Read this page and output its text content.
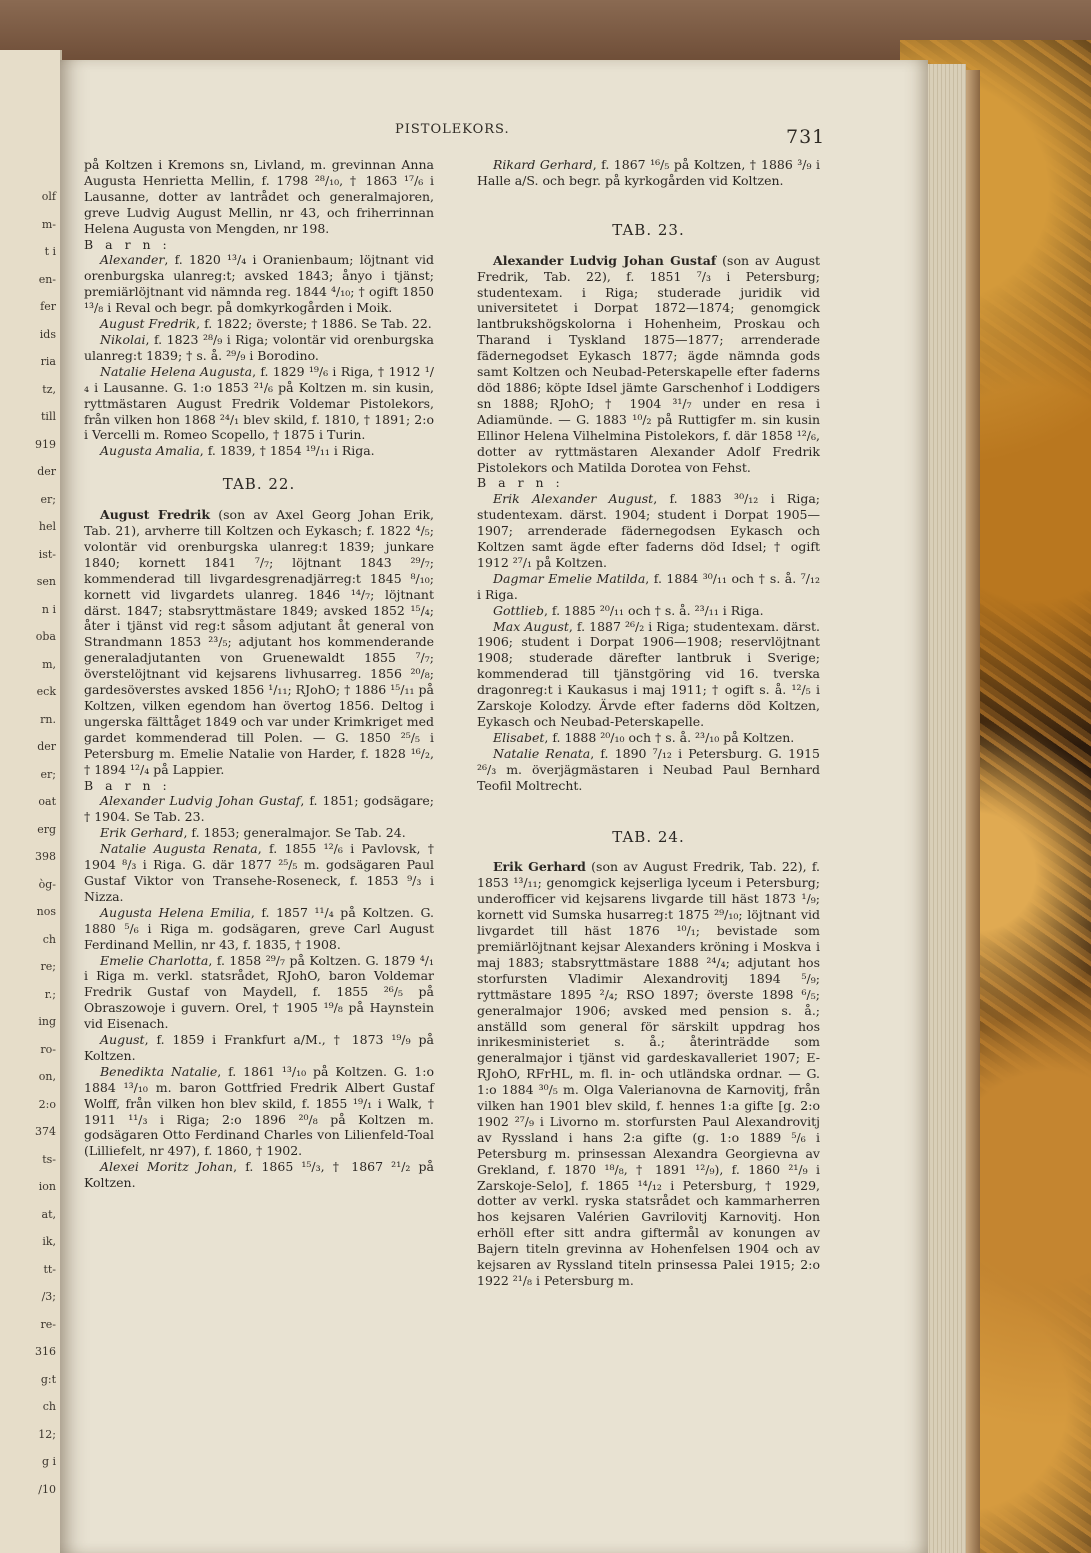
olf
m-
t i
en-
fer
ids
ria
tz,
till
919
der
er;
hel
ist-
sen
n i
oba
m,
eck
rn.
der
er;
oat
erg
398
òg-
nos
ch
re;
r.;
ing
ro-
on,
2:o
374
ts-
ion
at,
ik,
tt-
/3;
re-
316
g:t
ch
12;
g i
/10
PISTOLEKORS.	731

på Koltzen i Kremons sn, Livland, m. grevinnan Anna Augusta Henrietta Mellin, f. 1798 ²⁸/₁₀, † 1863 ¹⁷/₆ i Lausanne, dotter av lantrådet och generalmajoren, greve Ludvig August Mellin, nr 43, och friherrinnan Helena Augusta von Mengden, nr 198.

B a r n :

Alexander, f. 1820 ¹³/₄ i Oranienbaum; löjtnant vid orenburgska ulanreg:t; avsked 1843; ånyo i tjänst; premiärlöjtnant vid nämnda reg. 1844 ⁴/₁₀; † ogift 1850 ¹³/₈ i Reval och begr. på domkyrkogården i Moik.

August Fredrik, f. 1822; överste; † 1886. Se Tab. 22.

Nikolai, f. 1823 ²⁸/₉ i Riga; volontär vid orenburgska ulanreg:t 1839; † s. å. ²⁹/₉ i Borodino.

Natalie Helena Augusta, f. 1829 ¹⁹/₆ i Riga, † 1912 ¹/₄ i Lausanne. G. 1:o 1853 ²¹/₆ på Koltzen m. sin kusin, ryttmästaren August Fredrik Voldemar Pistolekors, från vilken hon 1868 ²⁴/₁ blev skild, f. 1810, † 1891; 2:o i Vercelli m. Romeo Scopello, † 1875 i Turin.

Augusta Amalia, f. 1839, † 1854 ¹⁹/₁₁ i Riga.

TAB. 22.

August Fredrik (son av Axel Georg Johan Erik, Tab. 21), arvherre till Koltzen och Eykasch; f. 1822 ⁴/₅; volontär vid orenburgska ulanreg:t 1839; junkare 1840; kornett 1841 ⁷/₇; löjtnant 1843 ²⁹/₇; kommenderad till livgardesgrenadjärreg:t 1845 ⁸/₁₀; kornett vid livgardets ulanreg. 1846 ¹⁴/₇; löjtnant därst. 1847; stabsryttmästare 1849; avsked 1852 ¹⁵/₄; åter i tjänst vid reg:t såsom adjutant åt general von Strandmann 1853 ²³/₅; adjutant hos kommenderande generaladjutanten von Gruenewaldt 1855 ⁷/₇; överstelöjtnant vid kejsarens livhusarreg. 1856 ²⁰/₈; gardesöverstes avsked 1856 ¹/₁₁; RJohO; † 1886 ¹⁵/₁₁ på Koltzen, vilken egendom han övertog 1856. Deltog i ungerska fälttåget 1849 och var under Krimkriget med gardet kommenderad till Polen. — G. 1850 ²⁵/₅ i Petersburg m. Emelie Natalie von Harder, f. 1828 ¹⁶/₂, † 1894 ¹²/₄ på Lappier.

B a r n :

Alexander Ludvig Johan Gustaf, f. 1851; godsägare; † 1904. Se Tab. 23.

Erik Gerhard, f. 1853; generalmajor. Se Tab. 24.

Natalie Augusta Renata, f. 1855 ¹²/₆ i Pavlovsk, † 1904 ⁸/₃ i Riga. G. där 1877 ²⁵/₅ m. godsägaren Paul Gustaf Viktor von Transehe-Roseneck, f. 1853 ⁹/₃ i Nizza.

Augusta Helena Emilia, f. 1857 ¹¹/₄ på Koltzen. G. 1880 ⁵/₆ i Riga m. godsägaren, greve Carl August Ferdinand Mellin, nr 43, f. 1835, † 1908.

Emelie Charlotta, f. 1858 ²⁹/₇ på Koltzen. G. 1879 ⁴/₁ i Riga m. verkl. statsrådet, RJohO, baron Voldemar Fredrik Gustaf von Maydell, f. 1855 ²⁶/₅ på Obraszowoje i guvern. Orel, † 1905 ¹⁹/₈ på Haynstein vid Eisenach.

August, f. 1859 i Frankfurt a/M., † 1873 ¹⁹/₉ på Koltzen.

Benedikta Natalie, f. 1861 ¹³/₁₀ på Koltzen. G. 1:o 1884 ¹³/₁₀ m. baron Gottfried Fredrik Albert Gustaf Wolff, från vilken hon blev skild, f. 1855 ¹⁹/₁ i Walk, † 1911 ¹¹/₃ i Riga; 2:o 1896 ²⁰/₈ på Koltzen m. godsägaren Otto Ferdinand Charles von Lilienfeld-Toal (Lilliefelt, nr 497), f. 1860, † 1902.

Alexei Moritz Johan, f. 1865 ¹⁵/₃, † 1867 ²¹/₂ på Koltzen.

Rikard Gerhard, f. 1867 ¹⁶/₅ på Koltzen, † 1886 ³/₉ i Halle a/S. och begr. på kyrkogården vid Koltzen.

TAB. 23.

Alexander Ludvig Johan Gustaf (son av August Fredrik, Tab. 22), f. 1851 ⁷/₃ i Petersburg; studentexam. i Riga; studerade juridik vid universitetet i Dorpat 1872—1874; genomgick lantbrukshögskolorna i Hohenheim, Proskau och Tharand i Tyskland 1875—1877; arrenderade fädernegodset Eykasch 1877; ägde nämnda gods samt Koltzen och Neubad-Peterskapelle efter faderns död 1886; köpte Idsel jämte Garschenhof i Loddigers sn 1888; RJohO; † 1904 ³¹/₇ under en resa i Adiamünde. — G. 1883 ¹⁰/₂ på Ruttigfer m. sin kusin Ellinor Helena Vilhelmina Pistolekors, f. där 1858 ¹²/₆, dotter av ryttmästaren Alexander Adolf Fredrik Pistolekors och Matilda Dorotea von Fehst.

B a r n :

Erik Alexander August, f. 1883 ³⁰/₁₂ i Riga; studentexam. därst. 1904; student i Dorpat 1905—1907; arrenderade fädernegodsen Eykasch och Koltzen samt ägde efter faderns död Idsel; † ogift 1912 ²⁷/₁ på Koltzen.

Dagmar Emelie Matilda, f. 1884 ³⁰/₁₁ och † s. å. ⁷/₁₂ i Riga.

Gottlieb, f. 1885 ²⁰/₁₁ och † s. å. ²³/₁₁ i Riga.

Max August, f. 1887 ²⁶/₂ i Riga; studentexam. därst. 1906; student i Dorpat 1906—1908; reservlöjtnant 1908; studerade därefter lantbruk i Sverige; kommenderad till tjänstgöring vid 16. tverska dragonreg:t i Kaukasus i maj 1911; † ogift s. å. ¹²/₅ i Zarskoje Kolodzy. Ärvde efter faderns död Koltzen, Eykasch och Neubad-Peterskapelle.

Elisabet, f. 1888 ²⁰/₁₀ och † s. å. ²³/₁₀ på Koltzen.

Natalie Renata, f. 1890 ⁷/₁₂ i Petersburg. G. 1915 ²⁶/₃ m. överjägmästaren i Neubad Paul Bernhard Teofil Moltrecht.

TAB. 24.

Erik Gerhard (son av August Fredrik, Tab. 22), f. 1853 ¹³/₁₁; genomgick kejserliga lyceum i Petersburg; underofficer vid kejsarens livgarde till häst 1873 ¹/₉; kornett vid Sumska husarreg:t 1875 ²⁹/₁₀; löjtnant vid livgardet till häst 1876 ¹⁰/₁; bevistade som premiärlöjtnant kejsar Alexanders kröning i Moskva i maj 1883; stabsryttmästare 1888 ²⁴/₄; adjutant hos storfursten Vladimir Alexandrovitj 1894 ⁵/₉; ryttmästare 1895 ²/₄; RSO 1897; överste 1898 ⁶/₅; generalmajor 1906; avsked med pension s. å.; anställd som general för särskilt uppdrag hos inrikesministeriet s. å.; återinträdde som generalmajor i tjänst vid gardeskavalleriet 1907; E-RJohO, RFrHL, m. fl. in- och utländska ordnar. — G. 1:o 1884 ³⁰/₅ m. Olga Valerianovna de Karnovitj, från vilken han 1901 blev skild, f. hennes 1:a gifte [g. 2:o 1902 ²⁷/₉ i Livorno m. storfursten Paul Alexandrovitj av Ryssland i hans 2:a gifte (g. 1:o 1889 ⁵/₆ i Petersburg m. prinsessan Alexandra Georgievna av Grekland, f. 1870 ¹⁸/₈, † 1891 ¹²/₉), f. 1860 ²¹/₉ i Zarskoje-Selo], f. 1865 ¹⁴/₁₂ i Petersburg, † 1929, dotter av verkl. ryska statsrådet och kammarherren hos kejsaren Valérien Gavrilovitj Karnovitj. Hon erhöll efter sitt andra giftermål av konungen av Bajern titeln grevinna av Hohenfelsen 1904 och av kejsaren av Ryssland titeln prinsessa Palei 1915; 2:o 1922 ²¹/₈ i Petersburg m.
